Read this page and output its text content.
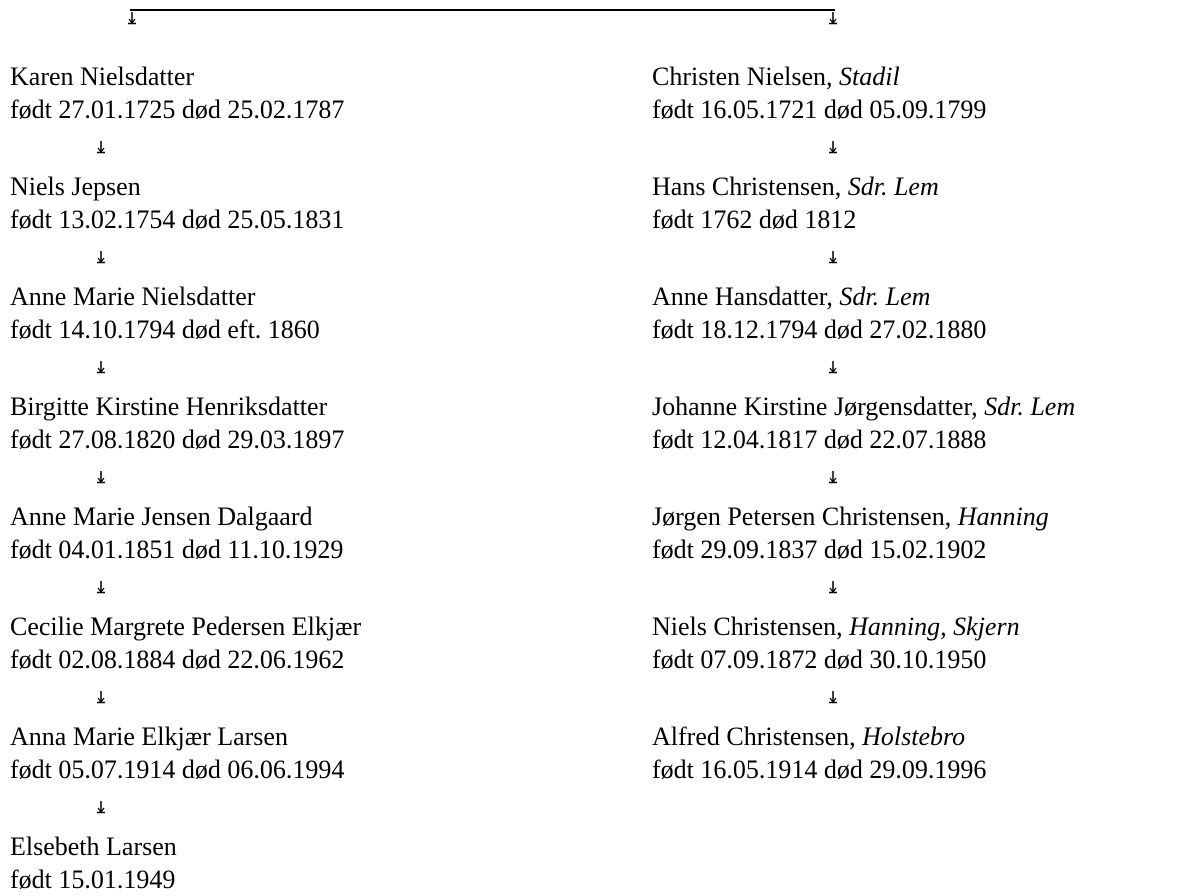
Karen Nielsdatter
født 27.01.1725 død 25.02.1787
Niels Jepsen
født 13.02.1754 død 25.05.1831
Anne Marie Nielsdatter
født 14.10.1794 død eft. 1860
Birgitte Kirstine Henriksdatter
født 27.08.1820 død 29.03.1897
Anne Marie Jensen Dalgaard
født 04.01.1851 død 11.10.1929
Cecilie Margrete Pedersen Elkjær
født 02.08.1884 død 22.06.1962
Anna Marie Elkjær Larsen
født 05.07.1914 død 06.06.1994
Elsebeth Larsen
født 15.01.1949
Christen Nielsen, Stadil
født 16.05.1721 død 05.09.1799
Hans Christensen, Sdr. Lem
født 1762 død 1812
Anne Hansdatter, Sdr. Lem
født 18.12.1794 død 27.02.1880
Johanne Kirstine Jørgensdatter, Sdr. Lem
født 12.04.1817 død 22.07.1888
Jørgen Petersen Christensen, Hanning
født 29.09.1837 død 15.02.1902
Niels Christensen, Hanning, Skjern
født 07.09.1872 død 30.10.1950
Alfred Christensen, Holstebro
født 16.05.1914 død 29.09.1996
